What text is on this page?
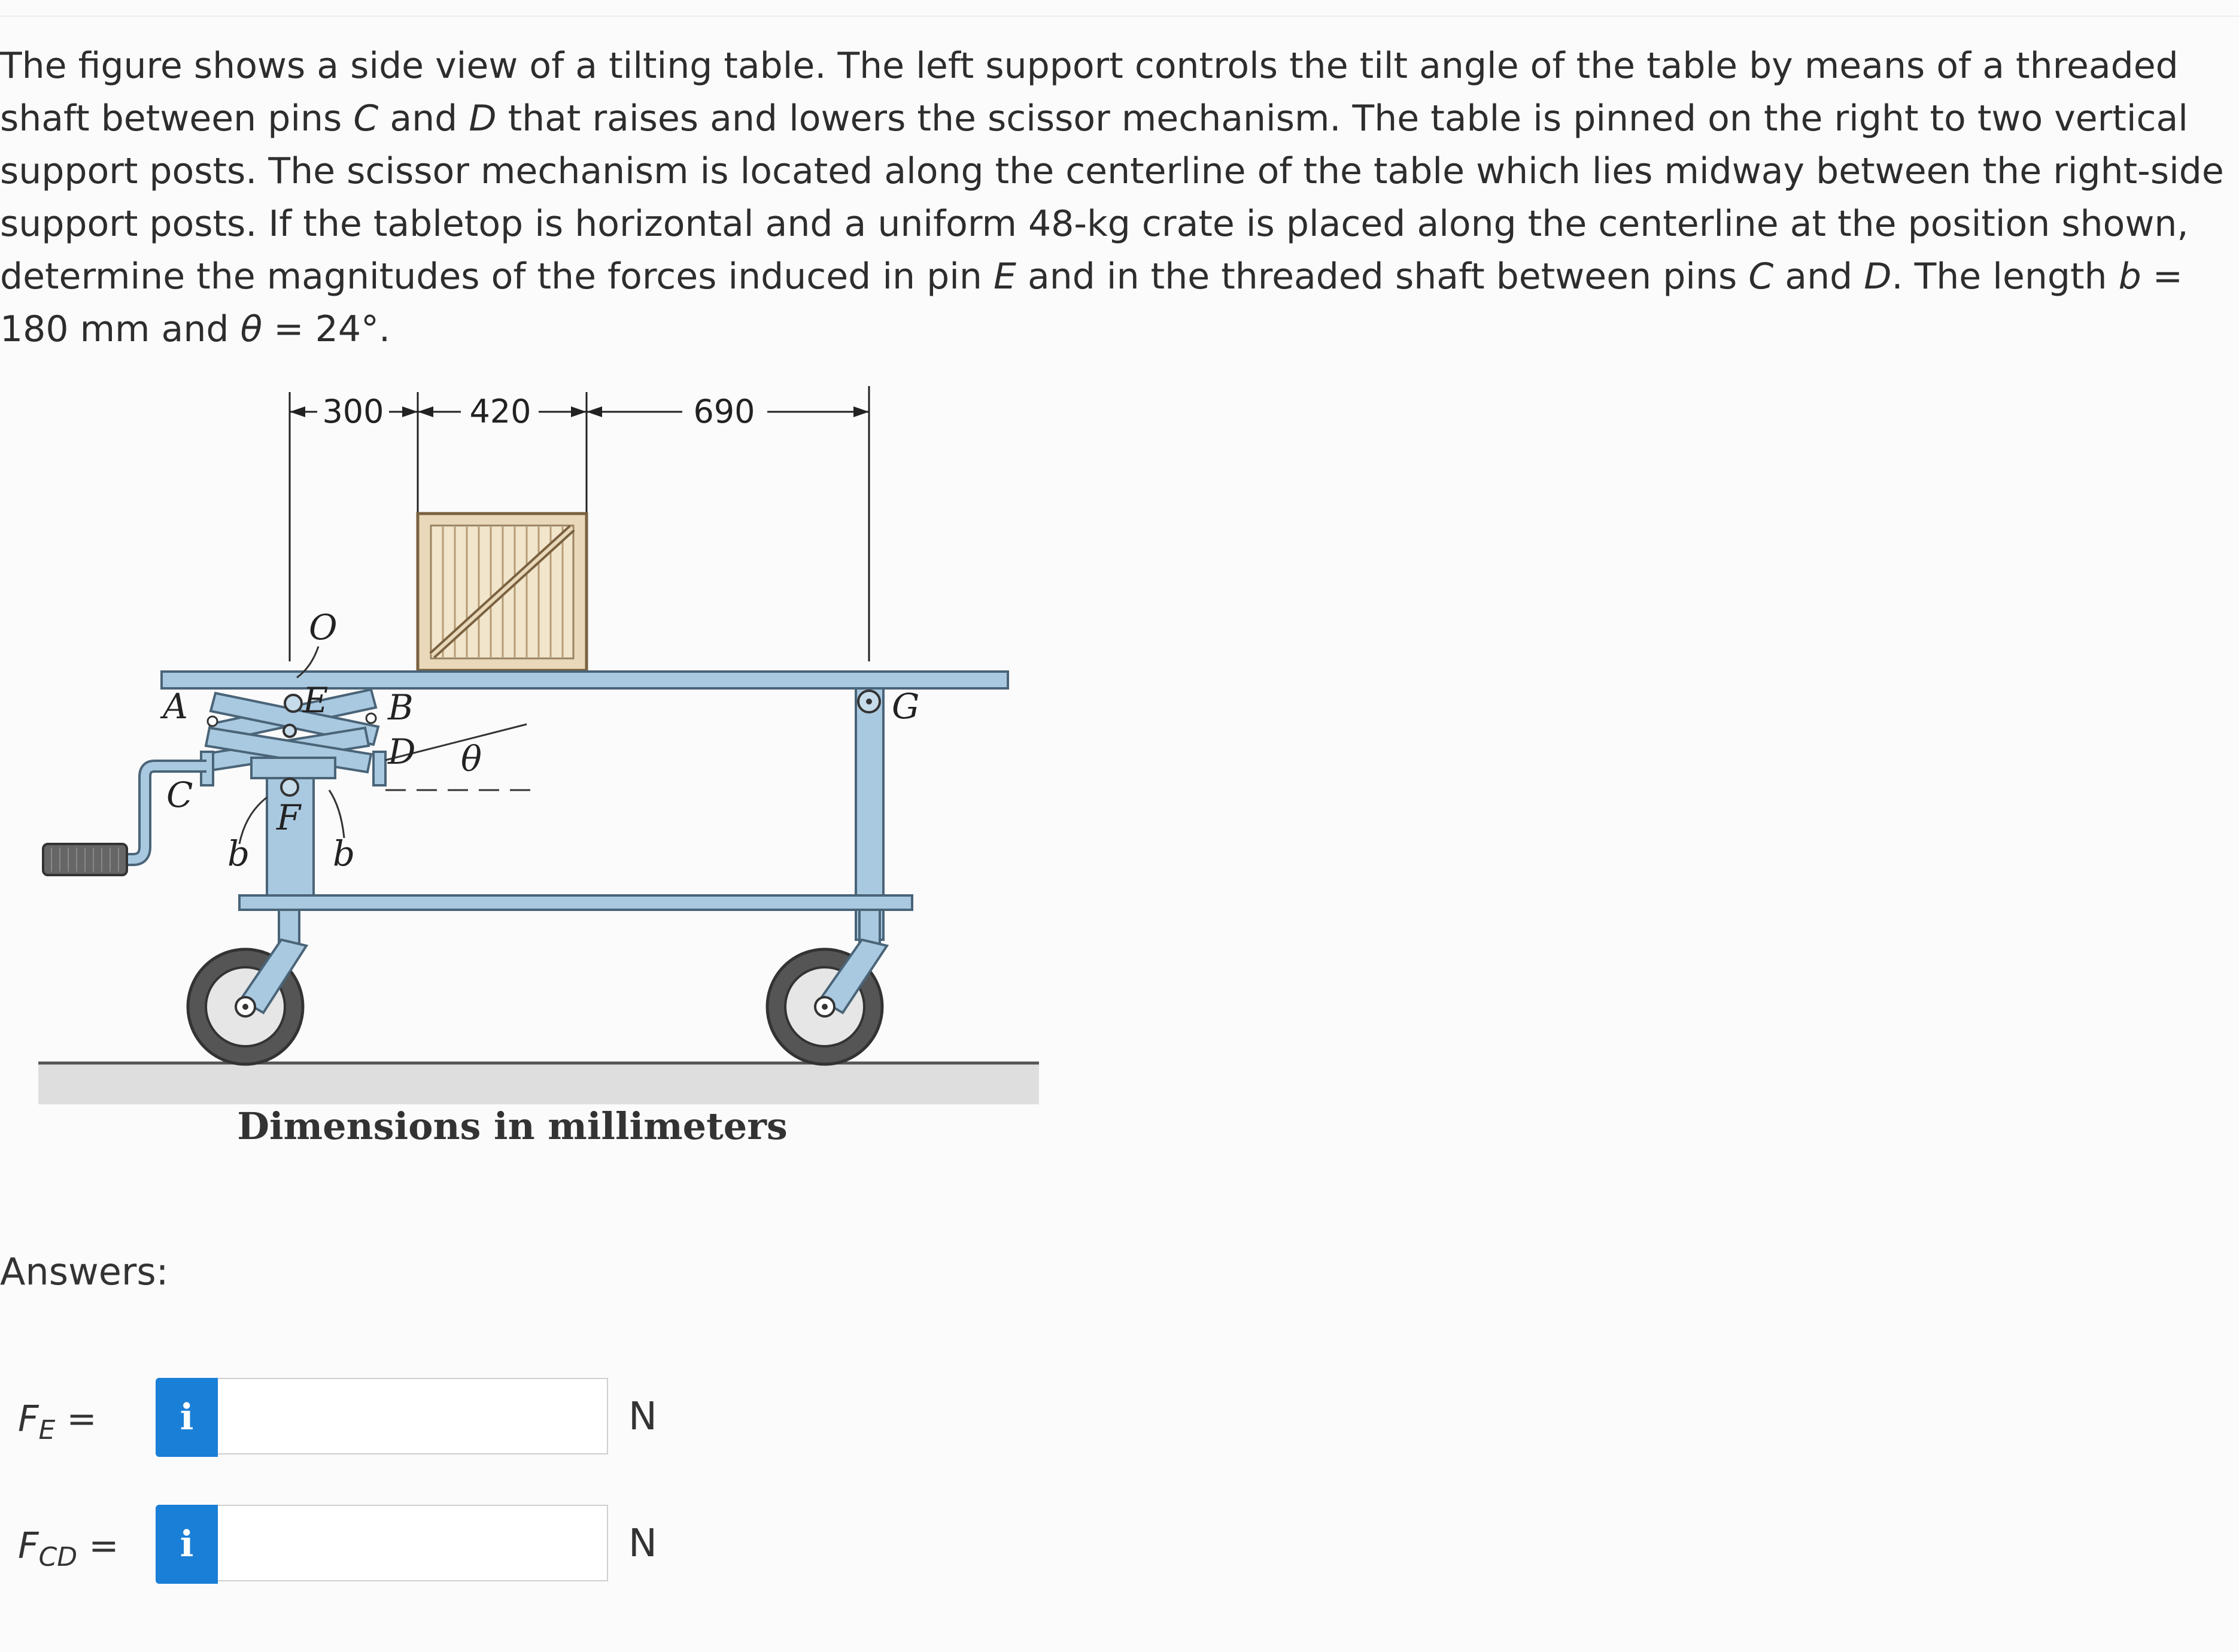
The figure shows a side view of a tilting table. The left support controls the tilt angle of the table by means of a threaded shaft between pins C and D that raises and lowers the scissor mechanism. The table is pinned on the right to two vertical support posts. The scissor mechanism is located along the centerline of the table which lies midway between the right-side support posts. If the tabletop is horizontal and a uniform 48-kg crate is placed along the centerline at the position shown, determine the magnitudes of the forces induced in pin E and in the threaded shaft between pins C and D. The length b = 180 mm and θ = 24°.

300	420	690
O
A	E B
D θ
C
F
b b
G
Dimensions in millimeters
Answers:
$F_E = i$	N
$F_{CD} = i$	N
